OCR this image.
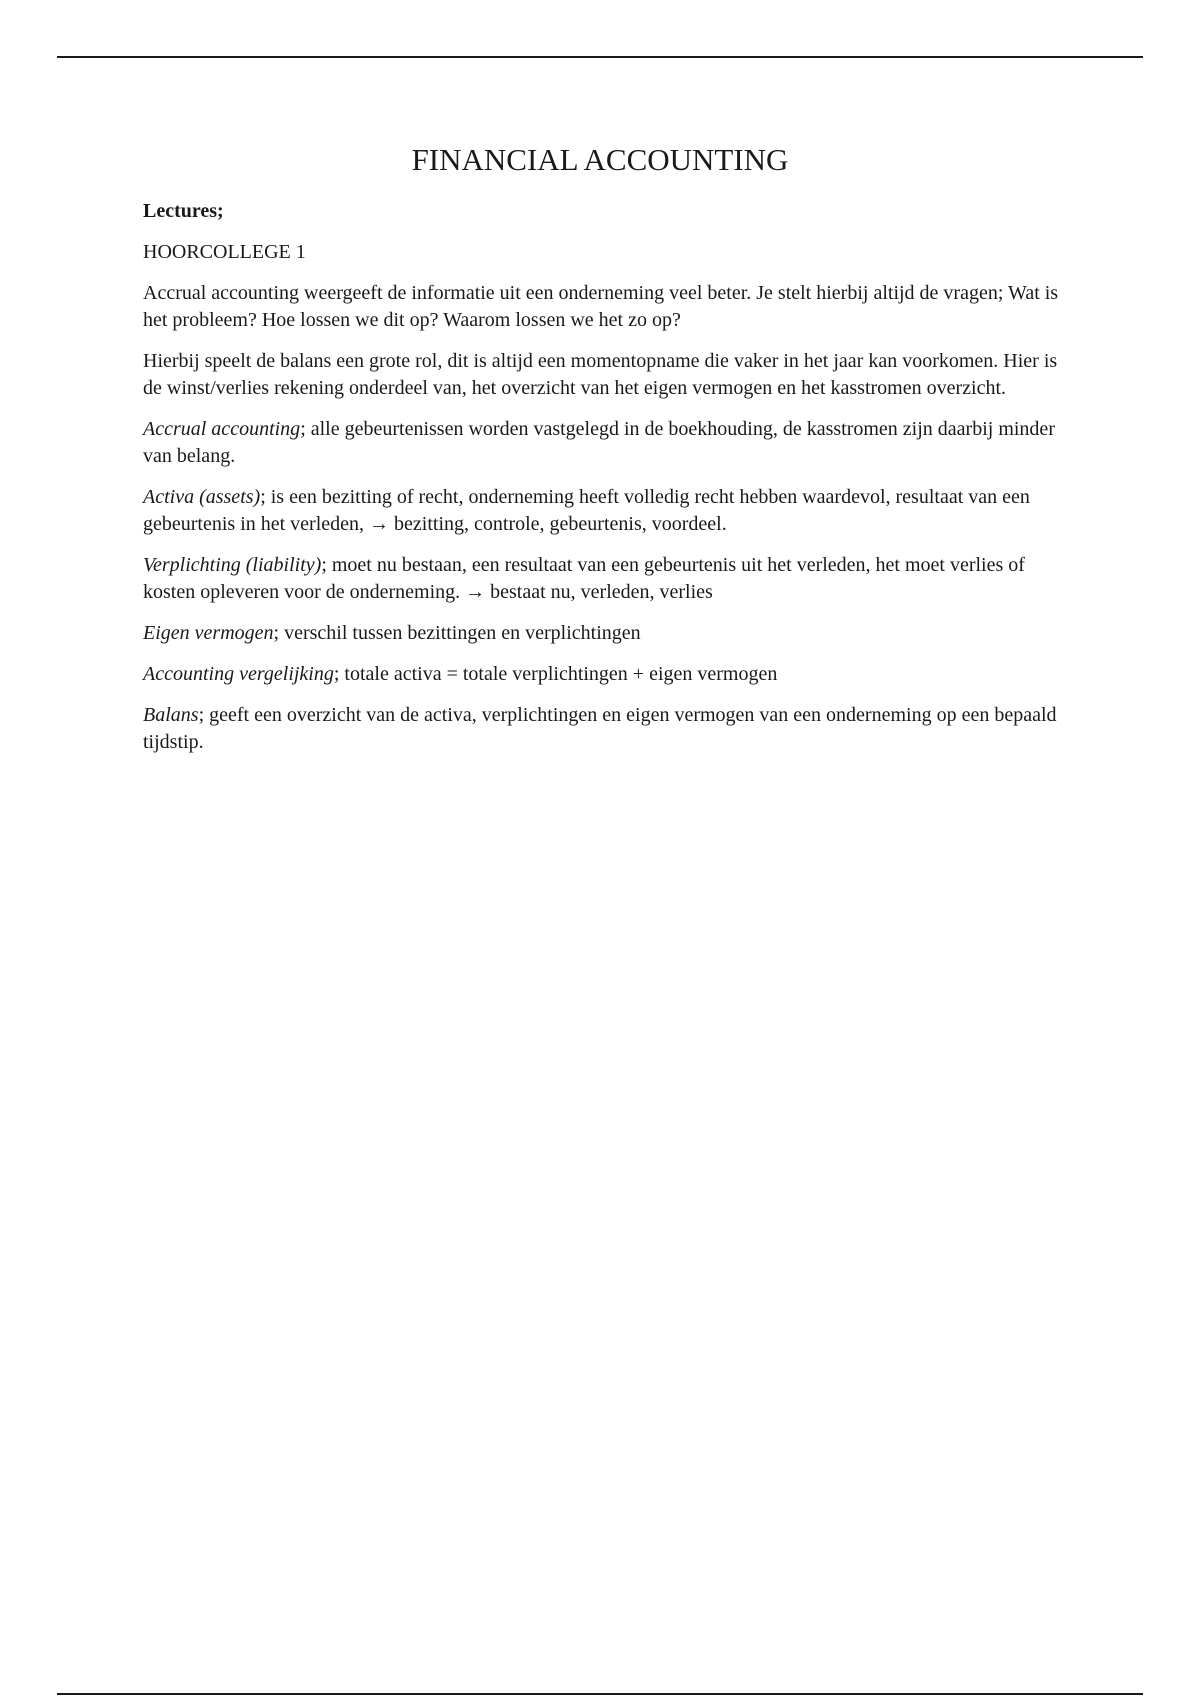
FINANCIAL ACCOUNTING

Lectures;

HOORCOLLEGE 1

Accrual accounting weergeeft de informatie uit een onderneming veel beter. Je stelt hierbij altijd de vragen; Wat is het probleem? Hoe lossen we dit op? Waarom lossen we het zo op?

Hierbij speelt de balans een grote rol, dit is altijd een momentopname die vaker in het jaar kan voorkomen. Hier is de winst/verlies rekening onderdeel van, het overzicht van het eigen vermogen en het kasstromen overzicht.

Accrual accounting; alle gebeurtenissen worden vastgelegd in de boekhouding, de kasstromen zijn daarbij minder van belang.

Activa (assets); is een bezitting of recht, onderneming heeft volledig recht hebben waardevol, resultaat van een gebeurtenis in het verleden, → bezitting, controle, gebeurtenis, voordeel.

Verplichting (liability); moet nu bestaan, een resultaat van een gebeurtenis uit het verleden, het moet verlies of kosten opleveren voor de onderneming. → bestaat nu, verleden, verlies

Eigen vermogen; verschil tussen bezittingen en verplichtingen

Accounting vergelijking; totale activa = totale verplichtingen + eigen vermogen

Balans; geeft een overzicht van de activa, verplichtingen en eigen vermogen van een onderneming op een bepaald tijdstip.
